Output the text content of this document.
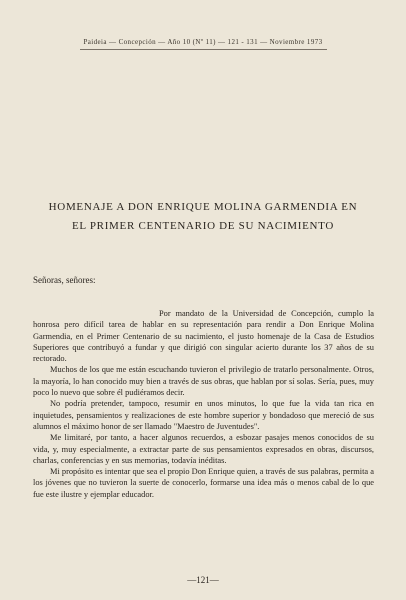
Paideia — Concepción — Año 10 (Nº 11) — 121 - 131 — Noviembre 1973
HOMENAJE A DON ENRIQUE MOLINA GARMENDIA EN
EL PRIMER CENTENARIO DE SU NACIMIENTO
Señoras, señores:

Por mandato de la Universidad de Concepción, cumplo la honrosa pero difícil tarea de hablar en su representación para rendir a Don Enrique Molina Garmendia, en el Primer Centenario de su nacimiento, el justo homenaje de la Casa de Estudios Superiores que contribuyó a fundar y que dirigió con singular acierto durante los 37 años de su rectorado.

Muchos de los que me están escuchando tuvieron el privilegio de tratarlo personalmente. Otros, la mayoría, lo han conocido muy bien a través de sus obras, que hablan por sí solas. Sería, pues, muy poco lo nuevo que sobre él pudiéramos decir.

No podría pretender, tampoco, resumir en unos minutos, lo que fue la vida tan rica en inquietudes, pensamientos y realizaciones de este hombre superior y bondadoso que mereció de sus alumnos el máximo honor de ser llamado "Maestro de Juventudes".

Me limitaré, por tanto, a hacer algunos recuerdos, a esbozar pasajes menos conocidos de su vida, y, muy especialmente, a extractar parte de sus pensamientos expresados en obras, discursos, charlas, conferencias y en sus memorias, todavía inéditas.

Mi propósito es intentar que sea el propio Don Enrique quien, a través de sus palabras, permita a los jóvenes que no tuvieron la suerte de conocerlo, formarse una idea más o menos cabal de lo que fue este ilustre y ejemplar educador.

—121—
